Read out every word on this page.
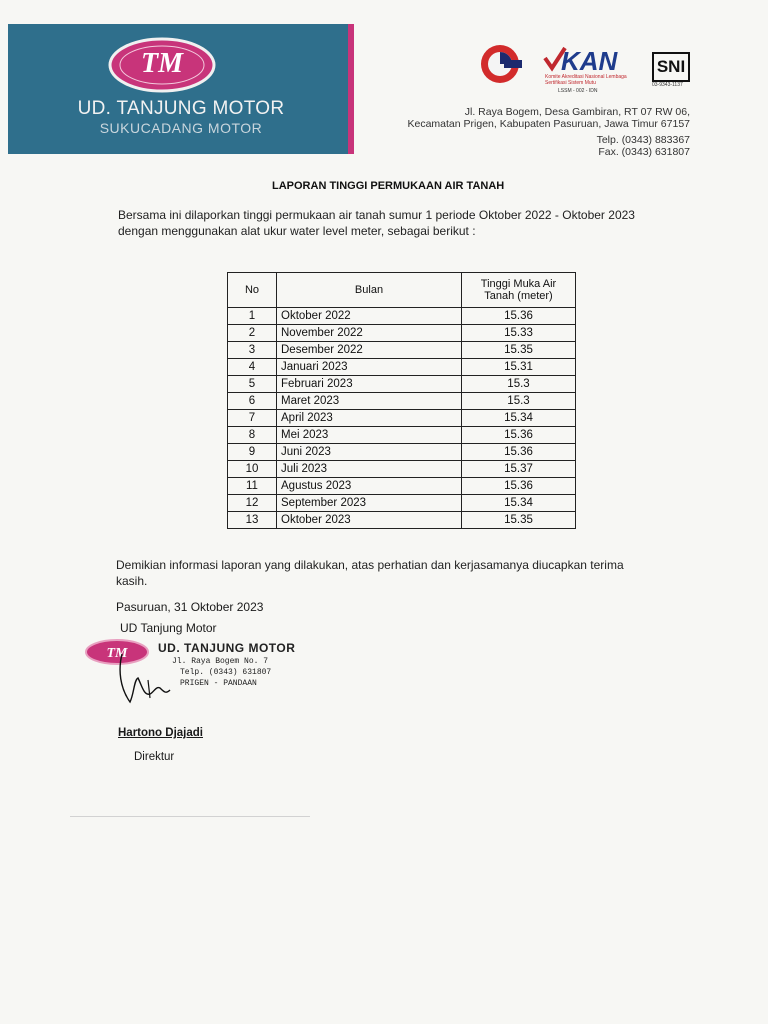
TM
UD. TANJUNG MOTOR
SUKUCADANG MOTOR
KAN
Komite Akreditasi Nasional Lembaga Sertifikasi Sistem Mutu
LSSM - 002 - IDN
SNI
03-9343-1137
Jl. Raya Bogem, Desa Gambiran, RT 07 RW 06,
Kecamatan Prigen, Kabupaten Pasuruan, Jawa Timur 67157
Telp. (0343) 883367
Fax. (0343) 631807
LAPORAN TINGGI PERMUKAAN AIR TANAH
Bersama ini dilaporkan tinggi permukaan air tanah sumur 1 periode Oktober 2022 - Oktober 2023 dengan menggunakan alat ukur water level meter, sebagai berikut :
No	Bulan	Tinggi Muka Air Tanah (meter)
1	Oktober 2022	15.36
2	November 2022	15.33
3	Desember 2022	15.35
4	Januari 2023	15.31
5	Februari 2023	15.3
6	Maret 2023	15.3
7	April 2023	15.34
8	Mei 2023	15.36
9	Juni 2023	15.36
10	Juli 2023	15.37
11	Agustus 2023	15.36
12	September 2023	15.34
13	Oktober 2023	15.35
Demikian informasi laporan yang dilakukan, atas perhatian dan kerjasamanya diucapkan terima kasih.
Pasuruan, 31 Oktober 2023
UD Tanjung Motor
TM	UD. TANJUNG MOTOR
Jl. Raya Bogem No. 7
Telp. (0343) 631807
PRIGEN - PANDAAN
Hartono Djajadi
Direktur
